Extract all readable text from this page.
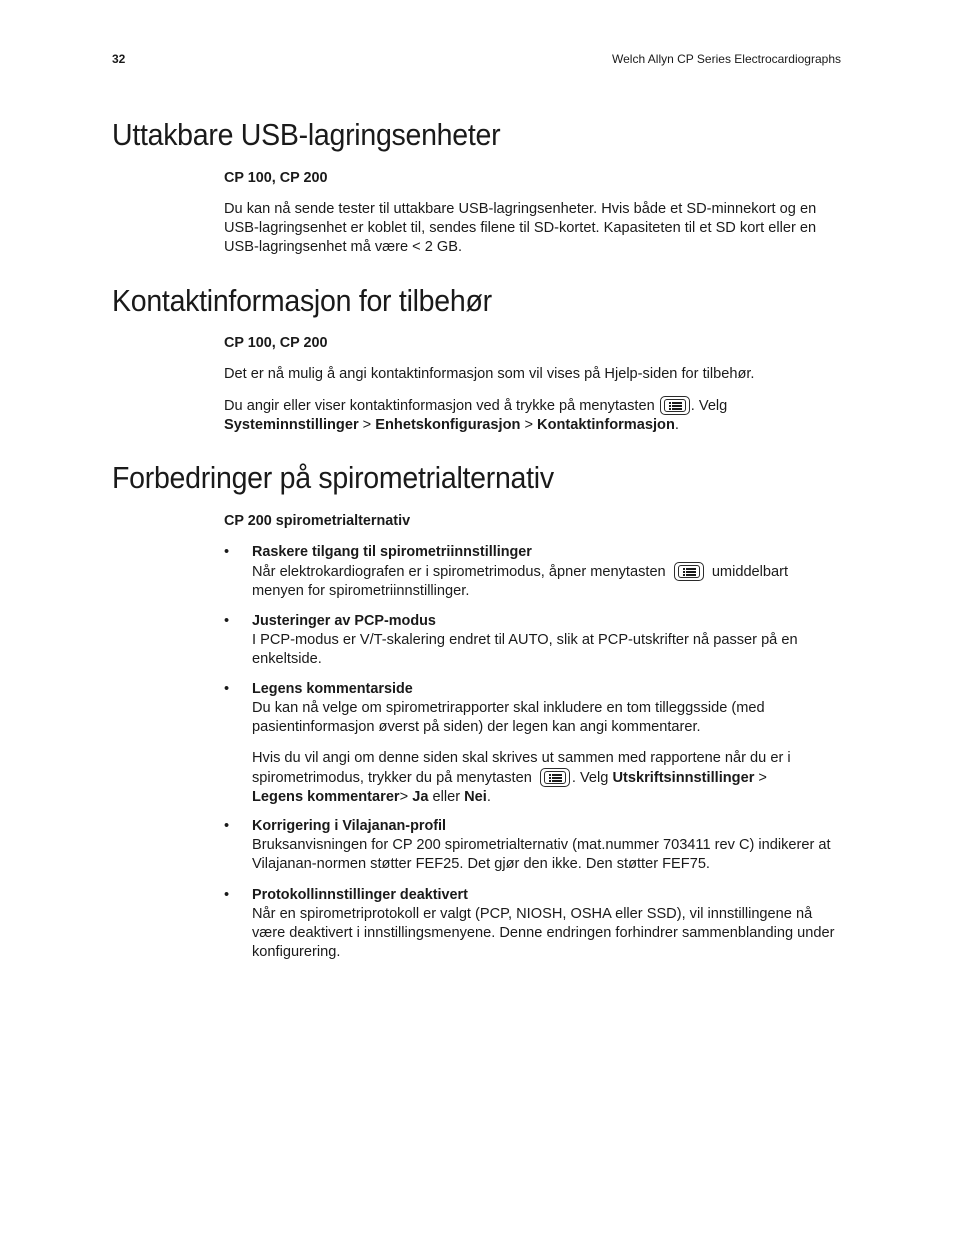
32	Welch Allyn CP Series Electrocardiographs
Uttakbare USB-lagringsenheter

CP 100, CP 200

Du kan nå sende tester til uttakbare USB-lagringsenheter. Hvis både et SD-minnekort og en USB-lagringsenhet er koblet til, sendes filene til SD-kortet. Kapasiteten til et SD kort eller en USB-lagringsenhet må være < 2 GB.

Kontaktinformasjon for tilbehør

CP 100, CP 200

Det er nå mulig å angi kontaktinformasjon som vil vises på Hjelp-siden for tilbehør.

Du angir eller viser kontaktinformasjon ved å trykke på menytasten . Velg
Systeminnstillinger > Enhetskonfigurasjon > Kontaktinformasjon.

Forbedringer på spirometrialternativ

CP 200 spirometrialternativ

•	Raskere tilgang til spirometriinnstillinger

Når elektrokardiografen er i spirometrimodus, åpner menytasten	umiddelbart menyen for spirometriinnstillinger.

•	Justeringer av PCP-modus

I PCP-modus er V/T-skalering endret til AUTO, slik at PCP-utskrifter nå passer på en enkeltside.

•	Legens kommentarside

Du kan nå velge om spirometrirapporter skal inkludere en tom tilleggsside (med pasientinformasjon øverst på siden) der legen kan angi kommentarer.

Hvis du vil angi om denne siden skal skrives ut sammen med rapportene når du er i spirometrimodus, trykker du på menytasten	. Velg Utskriftsinnstillinger >
Legens kommentarer> Ja eller Nei.

•	Korrigering i Vilajanan-profil

Bruksanvisningen for CP 200 spirometrialternativ (mat.nummer 703411 rev C) indikerer at Vilajanan-normen støtter FEF25. Det gjør den ikke. Den støtter FEF75.

•	Protokollinnstillinger deaktivert

Når en spirometriprotokoll er valgt (PCP, NIOSH, OSHA eller SSD), vil innstillingene nå være deaktivert i innstillingsmenyene. Denne endringen forhindrer sammenblanding under konfigurering.
